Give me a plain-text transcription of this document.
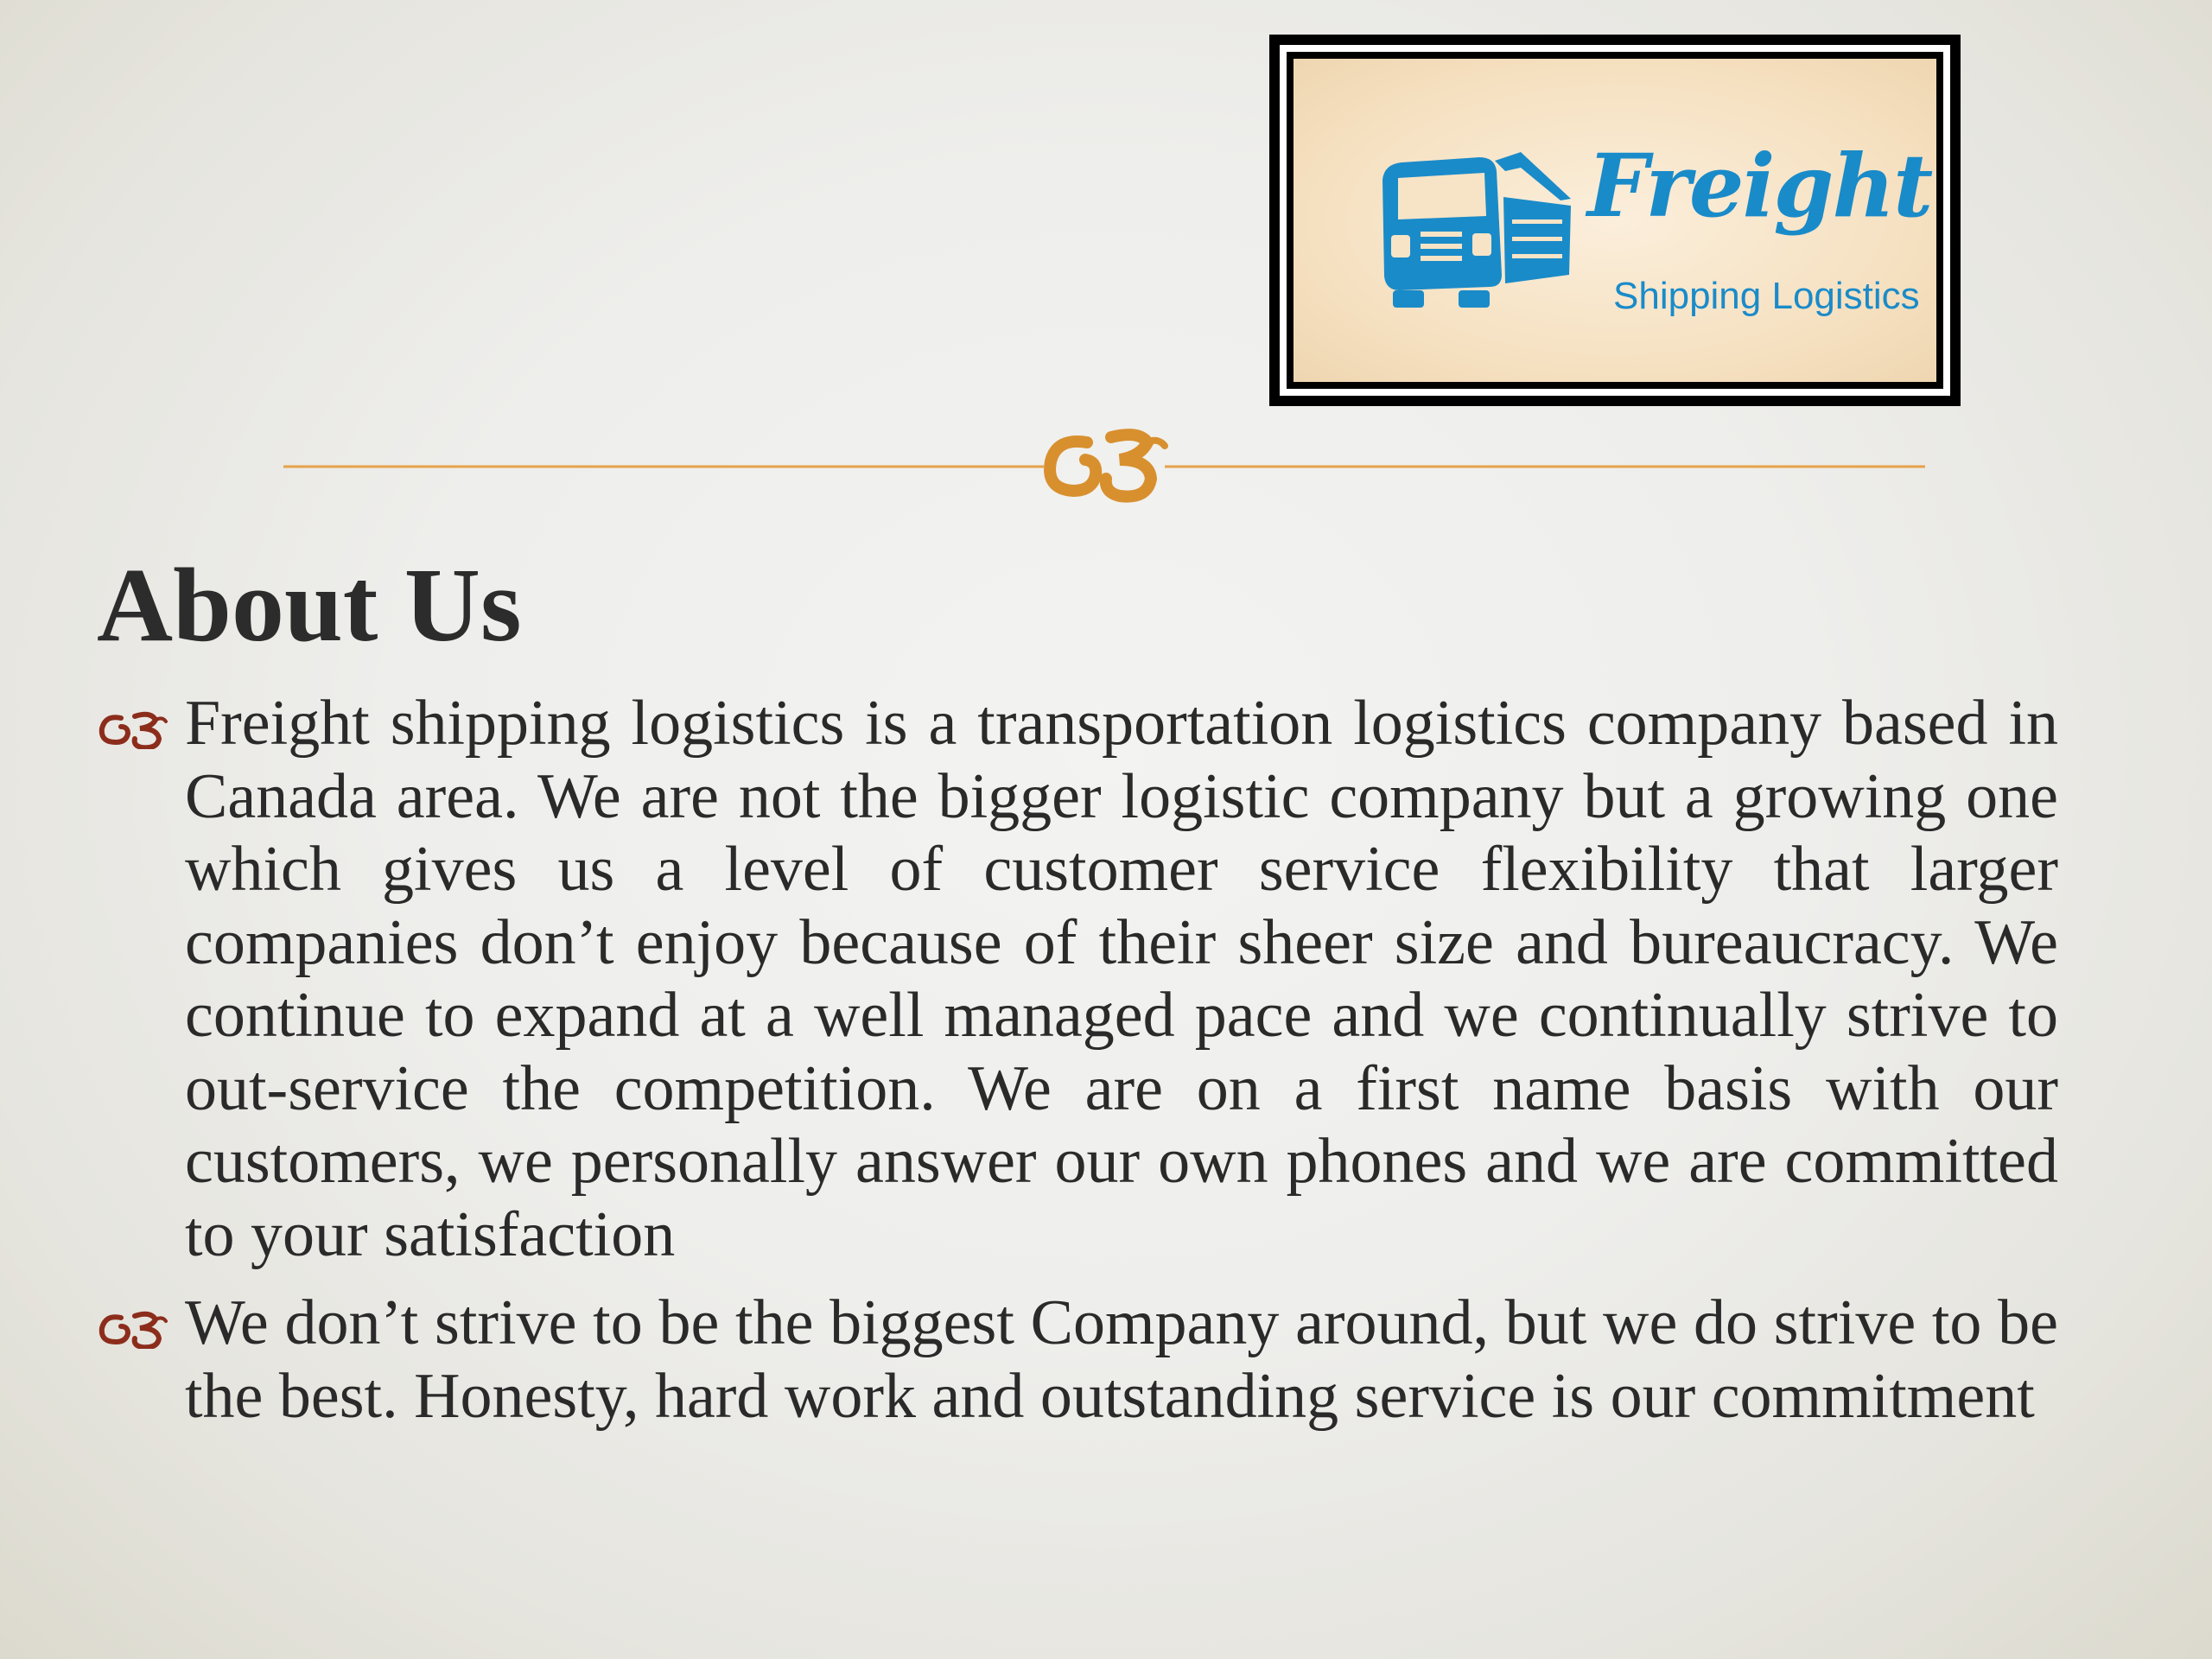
Freight
Shipping Logistics
About Us

Freight shipping logistics is a transportation logistics company based in Canada area. We are not the bigger logistic company but a growing one which gives us a level of customer service flexibility that larger companies don’t enjoy because of their sheer size and bureaucracy. We continue to expand at a well managed pace and we continually strive to out-service the competition. We are on a first name basis with our customers, we personally answer our own phones and we are committed to your satisfaction

We don’t strive to be the biggest Company around, but we do strive to be the best. Honesty, hard work and outstanding service is our commitment
